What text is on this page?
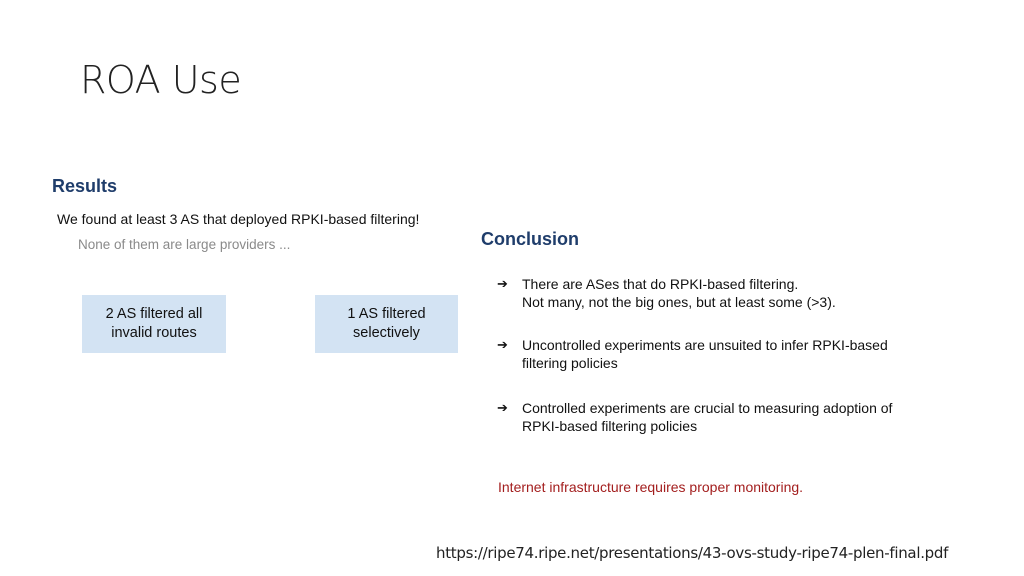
ROA Use
Results
We found at least 3 AS that deployed RPKI-based filtering!
None of them are large providers ...
2 AS filtered all
invalid routes
1 AS filtered
selectively
Conclusion
➔ There are ASes that do RPKI-based filtering.
Not many, not the big ones, but at least some (>3).
➔ Uncontrolled experiments are unsuited to infer RPKI-based
filtering policies
➔ Controlled experiments are crucial to measuring adoption of
RPKI-based filtering policies
Internet infrastructure requires proper monitoring.
https://ripe74.ripe.net/presentations/43-ovs-study-ripe74-plen-final.pdf
